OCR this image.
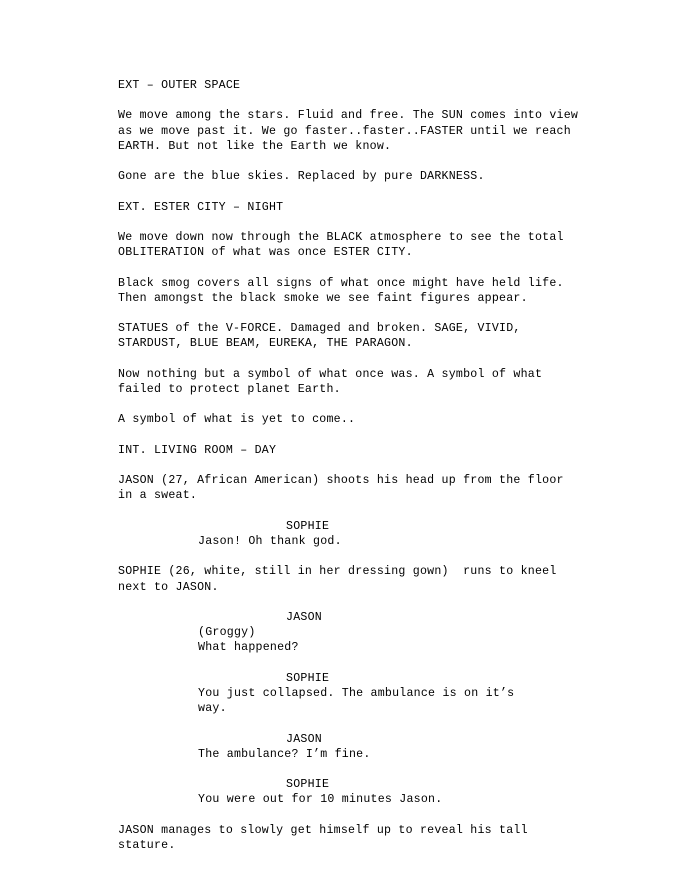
EXT – OUTER SPACE
We move among the stars. Fluid and free. The SUN comes into view as we move past it. We go faster..faster..FASTER until we reach EARTH. But not like the Earth we know.
Gone are the blue skies. Replaced by pure DARKNESS.
EXT. ESTER CITY – NIGHT
We move down now through the BLACK atmosphere to see the total OBLITERATION of what was once ESTER CITY.
Black smog covers all signs of what once might have held life. Then amongst the black smoke we see faint figures appear.
STATUES of the V-FORCE. Damaged and broken. SAGE, VIVID, STARDUST, BLUE BEAM, EUREKA, THE PARAGON.
Now nothing but a symbol of what once was. A symbol of what failed to protect planet Earth.
A symbol of what is yet to come..
INT. LIVING ROOM – DAY
JASON (27, African American) shoots his head up from the floor in a sweat.
SOPHIE
Jason! Oh thank god.
SOPHIE (26, white, still in her dressing gown)  runs to kneel next to JASON.
JASON
(Groggy)
What happened?
SOPHIE
You just collapsed. The ambulance is on it’s way.
JASON
The ambulance? I’m fine.
SOPHIE
You were out for 10 minutes Jason.
JASON manages to slowly get himself up to reveal his tall stature.
